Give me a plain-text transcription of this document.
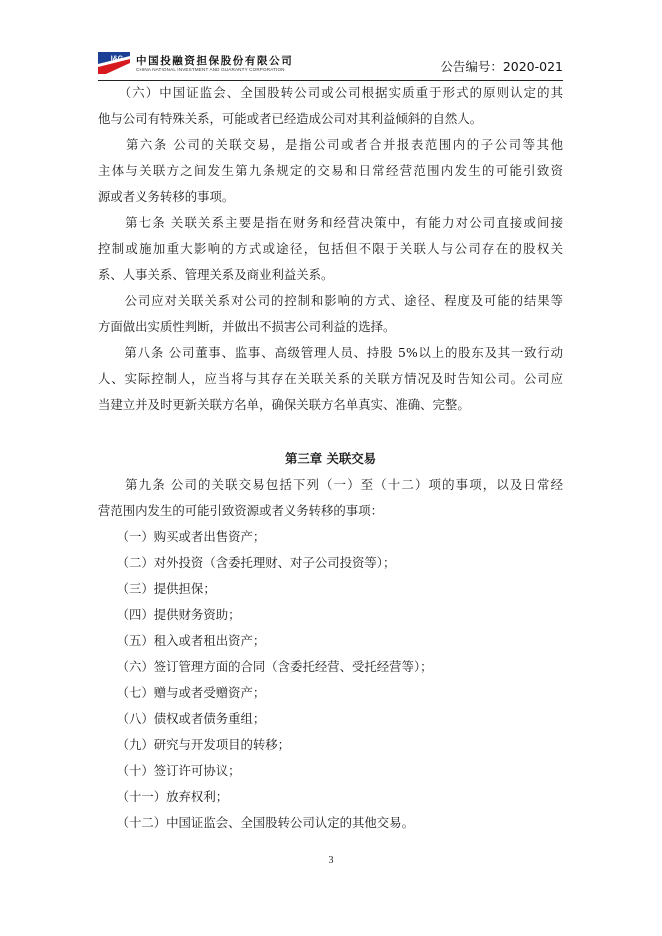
I&G 中国投融资担保股份有限公司
CHINA NATIONAL INVESTMENT AND GUARANTY CORPORATION	公告编号：2020-021
　　（六）中国证监会、全国股转公司或公司根据实质重于形式的原则认定的其
他与公司有特殊关系，可能或者已经造成公司对其利益倾斜的自然人。
　　第六条 公司的关联交易，是指公司或者合并报表范围内的子公司等其他
主体与关联方之间发生第九条规定的交易和日常经营范围内发生的可能引致资
源或者义务转移的事项。
　　第七条 关联关系主要是指在财务和经营决策中，有能力对公司直接或间接
控制或施加重大影响的方式或途径，包括但不限于关联人与公司存在的股权关
系、人事关系、管理关系及商业利益关系。
　　公司应对关联关系对公司的控制和影响的方式、途径、程度及可能的结果等
方面做出实质性判断，并做出不损害公司利益的选择。
　　第八条 公司董事、监事、高级管理人员、持股 5%以上的股东及其一致行动
人、实际控制人，应当将与其存在关联关系的关联方情况及时告知公司。公司应
当建立并及时更新关联方名单，确保关联方名单真实、准确、完整。
第三章 关联交易
　　第九条 公司的关联交易包括下列（一）至（十二）项的事项，以及日常经
营范围内发生的可能引致资源或者义务转移的事项：
　　（一）购买或者出售资产；
　　（二）对外投资（含委托理财、对子公司投资等）；
　　（三）提供担保；
　　（四）提供财务资助；
　　（五）租入或者租出资产；
　　（六）签订管理方面的合同（含委托经营、受托经营等）；
　　（七）赠与或者受赠资产；
　　（八）债权或者债务重组；
　　（九）研究与开发项目的转移；
　　（十）签订许可协议；
　　（十一）放弃权利；
　　（十二）中国证监会、全国股转公司认定的其他交易。
3
